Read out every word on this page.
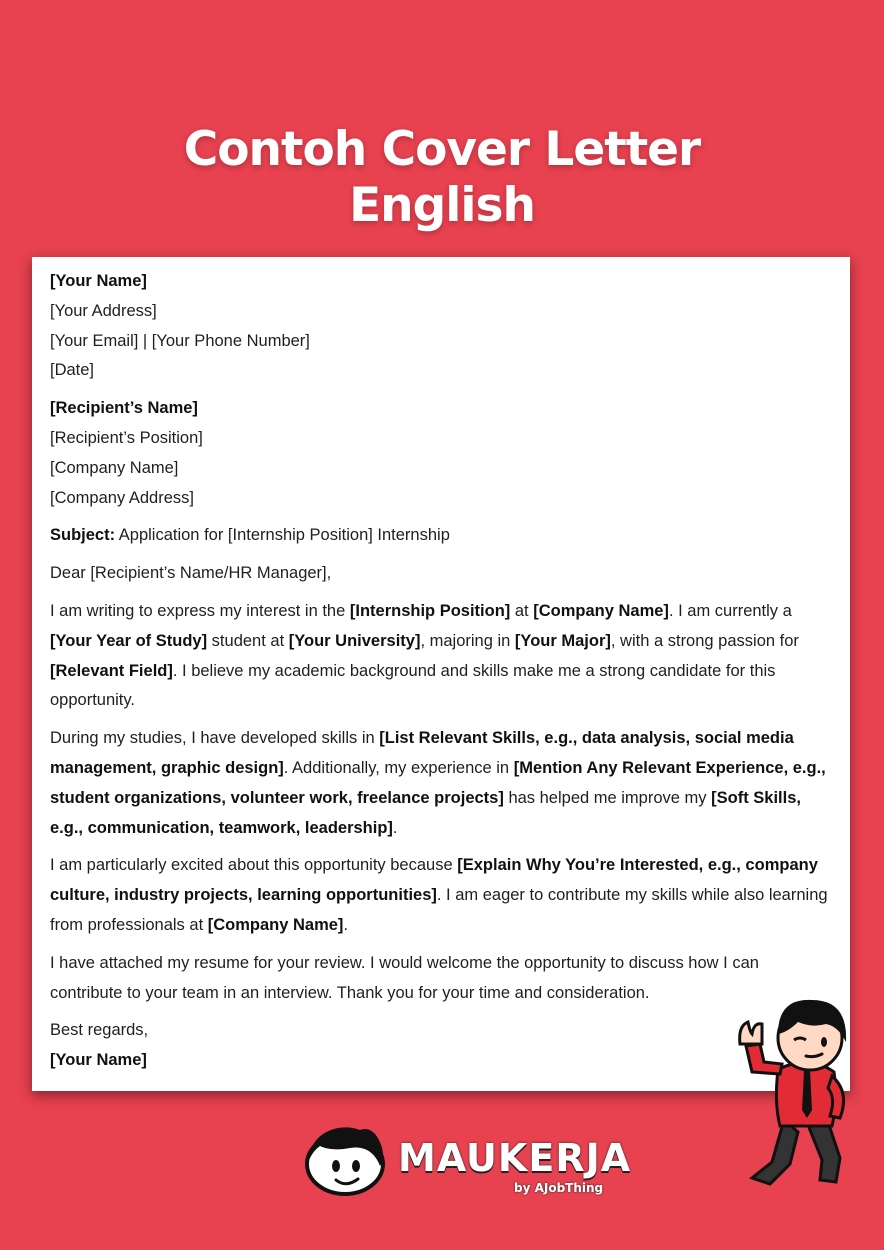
Contoh Cover Letter
English

[Your Name]

[Your Address]

[Your Email] | [Your Phone Number]

[Date]

[Recipient’s Name]

[Recipient’s Position]

[Company Name]

[Company Address]

Subject: Application for [Internship Position] Internship

Dear [Recipient’s Name/HR Manager],

I am writing to express my interest in the [Internship Position] at [Company Name]. I am currently a [Your Year of Study] student at [Your University], majoring in [Your Major], with a strong passion for [Relevant Field]. I believe my academic background and skills make me a strong candidate for this opportunity.

During my studies, I have developed skills in [List Relevant Skills, e.g., data analysis, social media management, graphic design]. Additionally, my experience in [Mention Any Relevant Experience, e.g., student organizations, volunteer work, freelance projects] has helped me improve my [Soft Skills, e.g., communication, teamwork, leadership].

I am particularly excited about this opportunity because [Explain Why You’re Interested, e.g., company culture, industry projects, learning opportunities]. I am eager to contribute my skills while also learning from professionals at [Company Name].

I have attached my resume for your review. I would welcome the opportunity to discuss how I can contribute to your team in an interview. Thank you for your time and consideration.

Best regards,

[Your Name]

MAUKERJA
by AJobThing
